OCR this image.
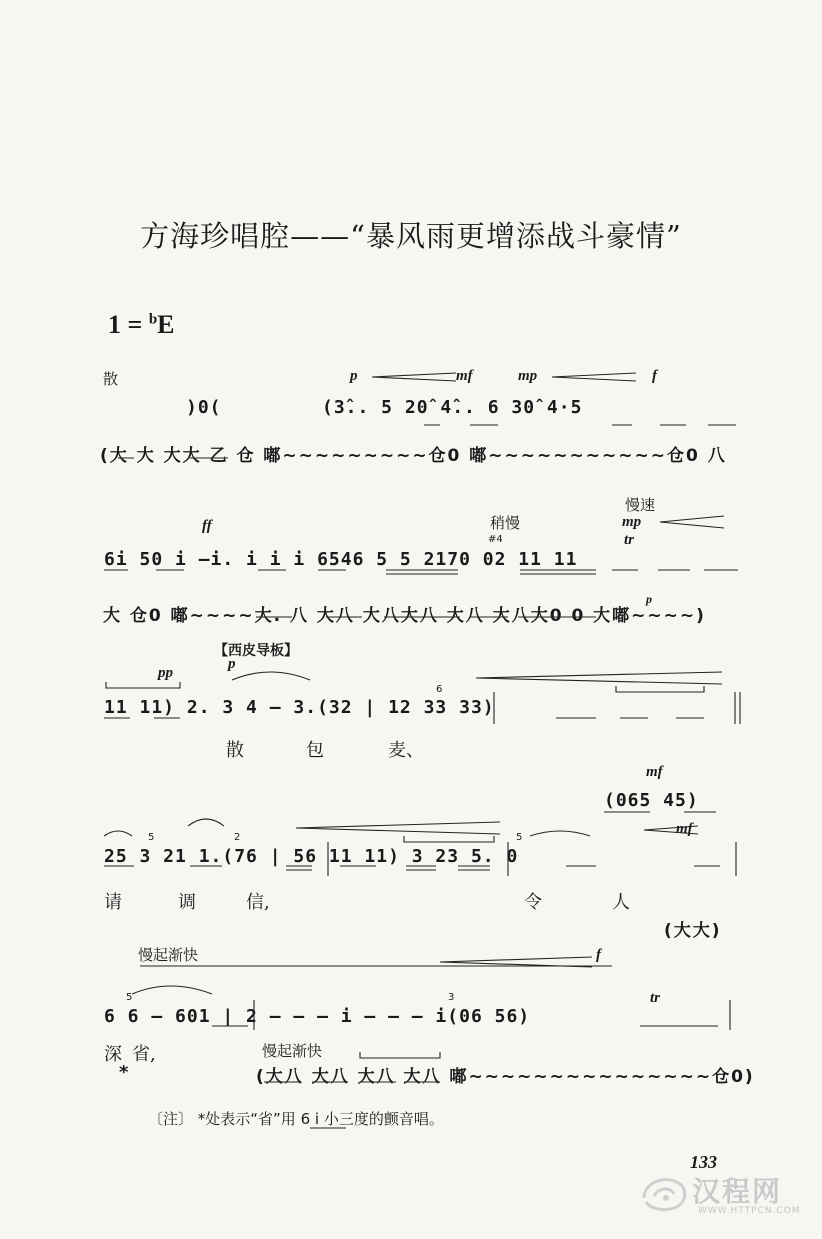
方海珍唱腔——“暴风雨更增添战斗豪情”
1 = $^b$E
散	p	mf	mp	f
)0(	(3̂.. 5 20̂ 4̂.. 6 30̂ 4·5
(大 大 大大 乙 仓 嘟~~~~~~~~~仓0 嘟~~~~~~~~~~~仓0 八
ff	稍慢
慢速
mp
tr
#4
6i 50 i —i. i i i 6546 5 5 2170 02 11 11
大 仓0 嘟~~~~大. 八 大八 大八大八 大八 大八大0 0 大嘟~~~~)
p
【西皮导板】
pp
p
6
11 11) 2. 3 4 — 3.(32 | 12 33 33)
散	包	麦、
mf
(065 45)
mf
5	2	5
25 3 21 1.(76 | 56 11 11) 3 23 5. 0
请	调	信,	令	人
(大大)
慢起渐快	f
tr
5	3
6 6 — 601 | 2 — — — i — — — i(06 56)
深 省,	慢起渐快
*	(大八 大八 大八 大八 嘟~~~~~~~~~~~~~~~仓0)
〔注〕 *处表示“省”用 6 i 小三度的颤音唱。
133
汉程网
WWW.HTTPCN.COM
